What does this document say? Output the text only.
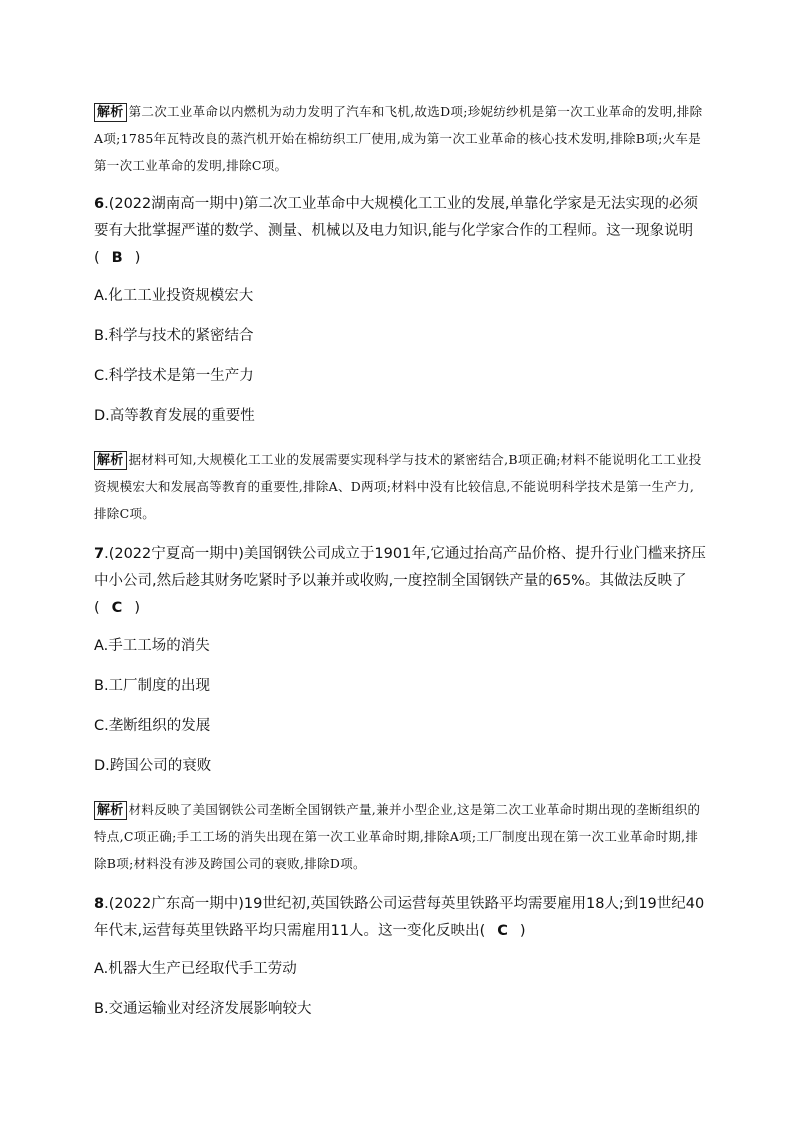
解析 第二次工业革命以内燃机为动力发明了汽车和飞机,故选D项;珍妮纺纱机是第一次工业革命的发明,排除A项;1785年瓦特改良的蒸汽机开始在棉纺织工厂使用,成为第一次工业革命的核心技术发明,排除B项;火车是第一次工业革命的发明,排除C项。

6.(2022湖南高一期中)第二次工业革命中大规模化工工业的发展,单靠化学家是无法实现的必须要有大批掌握严谨的数学、测量、机械以及电力知识,能与化学家合作的工程师。这一现象说明
( B )

A.化工工业投资规模宏大

B.科学与技术的紧密结合

C.科学技术是第一生产力

D.高等教育发展的重要性

解析 据材料可知,大规模化工工业的发展需要实现科学与技术的紧密结合,B项正确;材料不能说明化工工业投资规模宏大和发展高等教育的重要性,排除A、D两项;材料中没有比较信息,不能说明科学技术是第一生产力,排除C项。

7.(2022宁夏高一期中)美国钢铁公司成立于1901年,它通过抬高产品价格、提升行业门槛来挤压中小公司,然后趁其财务吃紧时予以兼并或收购,一度控制全国钢铁产量的65%。其做法反映了( C )

A.手工工场的消失

B.工厂制度的出现

C.垄断组织的发展

D.跨国公司的衰败

解析 材料反映了美国钢铁公司垄断全国钢铁产量,兼并小型企业,这是第二次工业革命时期出现的垄断组织的特点,C项正确;手工工场的消失出现在第一次工业革命时期,排除A项;工厂制度出现在第一次工业革命时期,排除B项;材料没有涉及跨国公司的衰败,排除D项。

8.(2022广东高一期中)19世纪初,英国铁路公司运营每英里铁路平均需要雇用18人;到19世纪40年代末,运营每英里铁路平均只需雇用11人。这一变化反映出( C )

A.机器大生产已经取代手工劳动

B.交通运输业对经济发展影响较大
